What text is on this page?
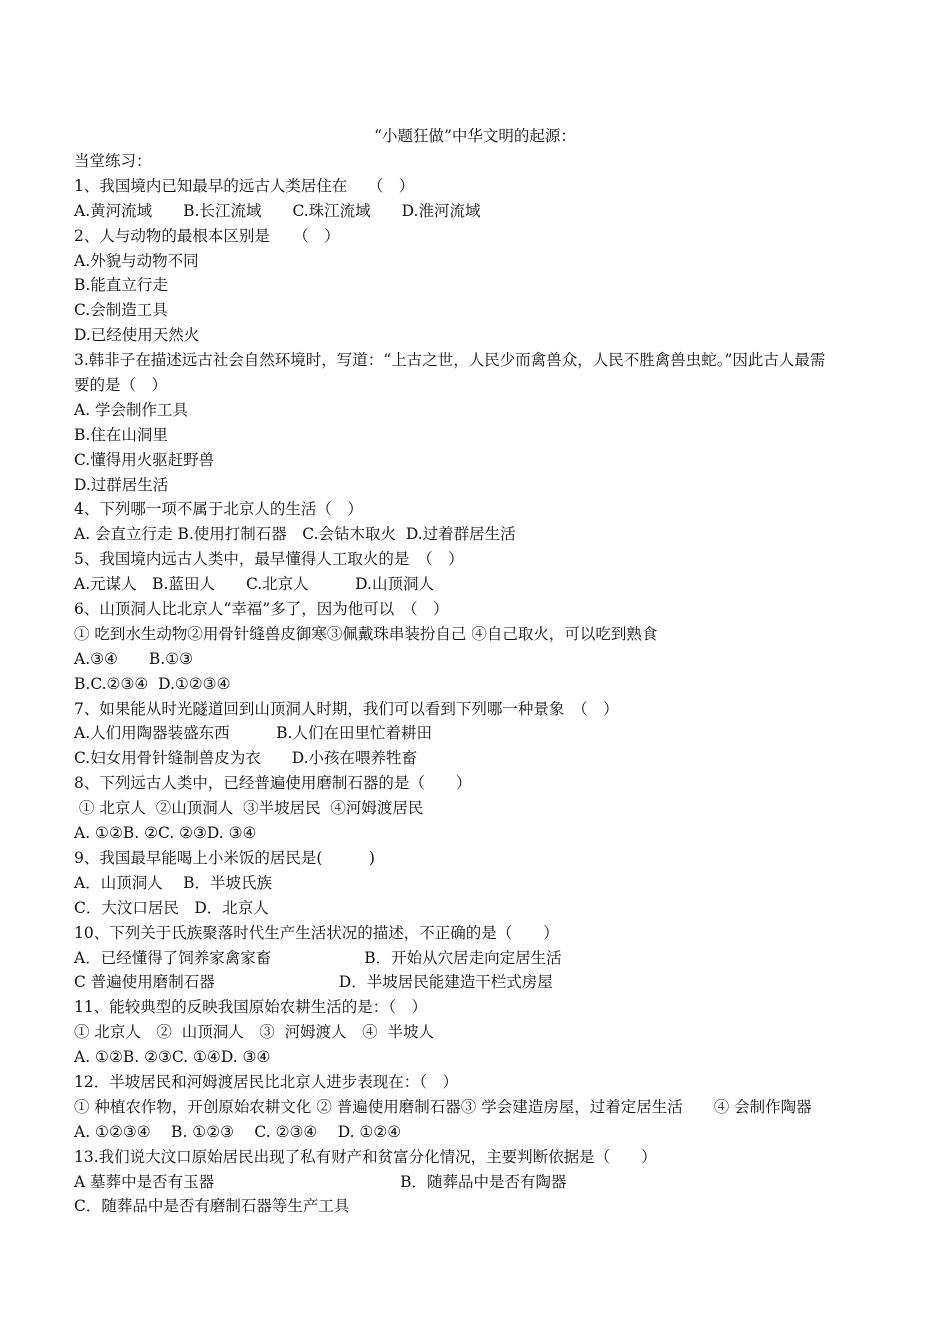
“小题狂做”中华文明的起源：
当堂练习：
1、我国境内已知最早的远古人类居住在　 （　）
A.黄河流域　　B.长江流域　　C.珠江流域　　D.淮河流域
2、人与动物的最根本区别是　　（　）
A.外貌与动物不同
B.能直立行走
C.会制造工具
D.已经使用天然火
3.韩非子在描述远古社会自然环境时，写道：“上古之世，人民少而禽兽众，人民不胜禽兽虫蛇。”因此古人最需
要的是（　）
A. 学会制作工具
B.住在山洞里
C.懂得用火驱赶野兽
D.过群居生活
4、下列哪一项不属于北京人的生活（　）
A. 会直立行走 B.使用打制石器　C.会钻木取火  D.过着群居生活
5、我国境内远古人类中，最早懂得人工取火的是　（　）
A.元谋人　B.蓝田人　　C.北京人　　　D.山顶洞人
6、山顶洞人比北京人“幸福”多了，因为他可以　（　）
① 吃到水生动物②用骨针缝兽皮御寒③佩戴珠串装扮自己 ④自己取火，可以吃到熟食
A.③④　　B.①③
B.C.②③④  D.①②③④
7、如果能从时光隧道回到山顶洞人时期，我们可以看到下列哪一种景象　（　）
A.人们用陶器装盛东西　　　B.人们在田里忙着耕田
C.妇女用骨针缝制兽皮为衣　　D.小孩在喂养牲畜
8、下列远古人类中，已经普遍使用磨制石器的是（　　）
① 北京人  ②山顶洞人  ③半坡居民  ④河姆渡居民
A. ①②B. ②C. ②③D. ③④
9、我国最早能喝上小米饭的居民是(　　　)
A．山顶洞人　 B．半坡氏族
C．大汶口居民　D．北京人
10、下列关于氏族聚落时代生产生活状况的描述，不正确的是（　　）
A．已经懂得了饲养家禽家畜　　　　　　B．开始从穴居走向定居生活
C 普遍使用磨制石器　　　　　　　　D．半坡居民能建造干栏式房屋
11、能较典型的反映我国原始农耕生活的是：（　）
① 北京人　②  山顶洞人　③  河姆渡人　④  半坡人
A. ①②B. ②③C. ①④D. ③④
12．半坡居民和河姆渡居民比北京人进步表现在：（　）
① 种植农作物，开创原始农耕文化 ② 普遍使用磨制石器③ 学会建造房屋，过着定居生活　　④ 会制作陶器
A. ①②③④　 B. ①②③　 C. ②③④　 D. ①②④
13.我们说大汶口原始居民出现了私有财产和贫富分化情况，主要判断依据是（　　）
A 墓葬中是否有玉器　　　　　　　　　　　　B．随葬品中是否有陶器
C．随葬品中是否有磨制石器等生产工具
